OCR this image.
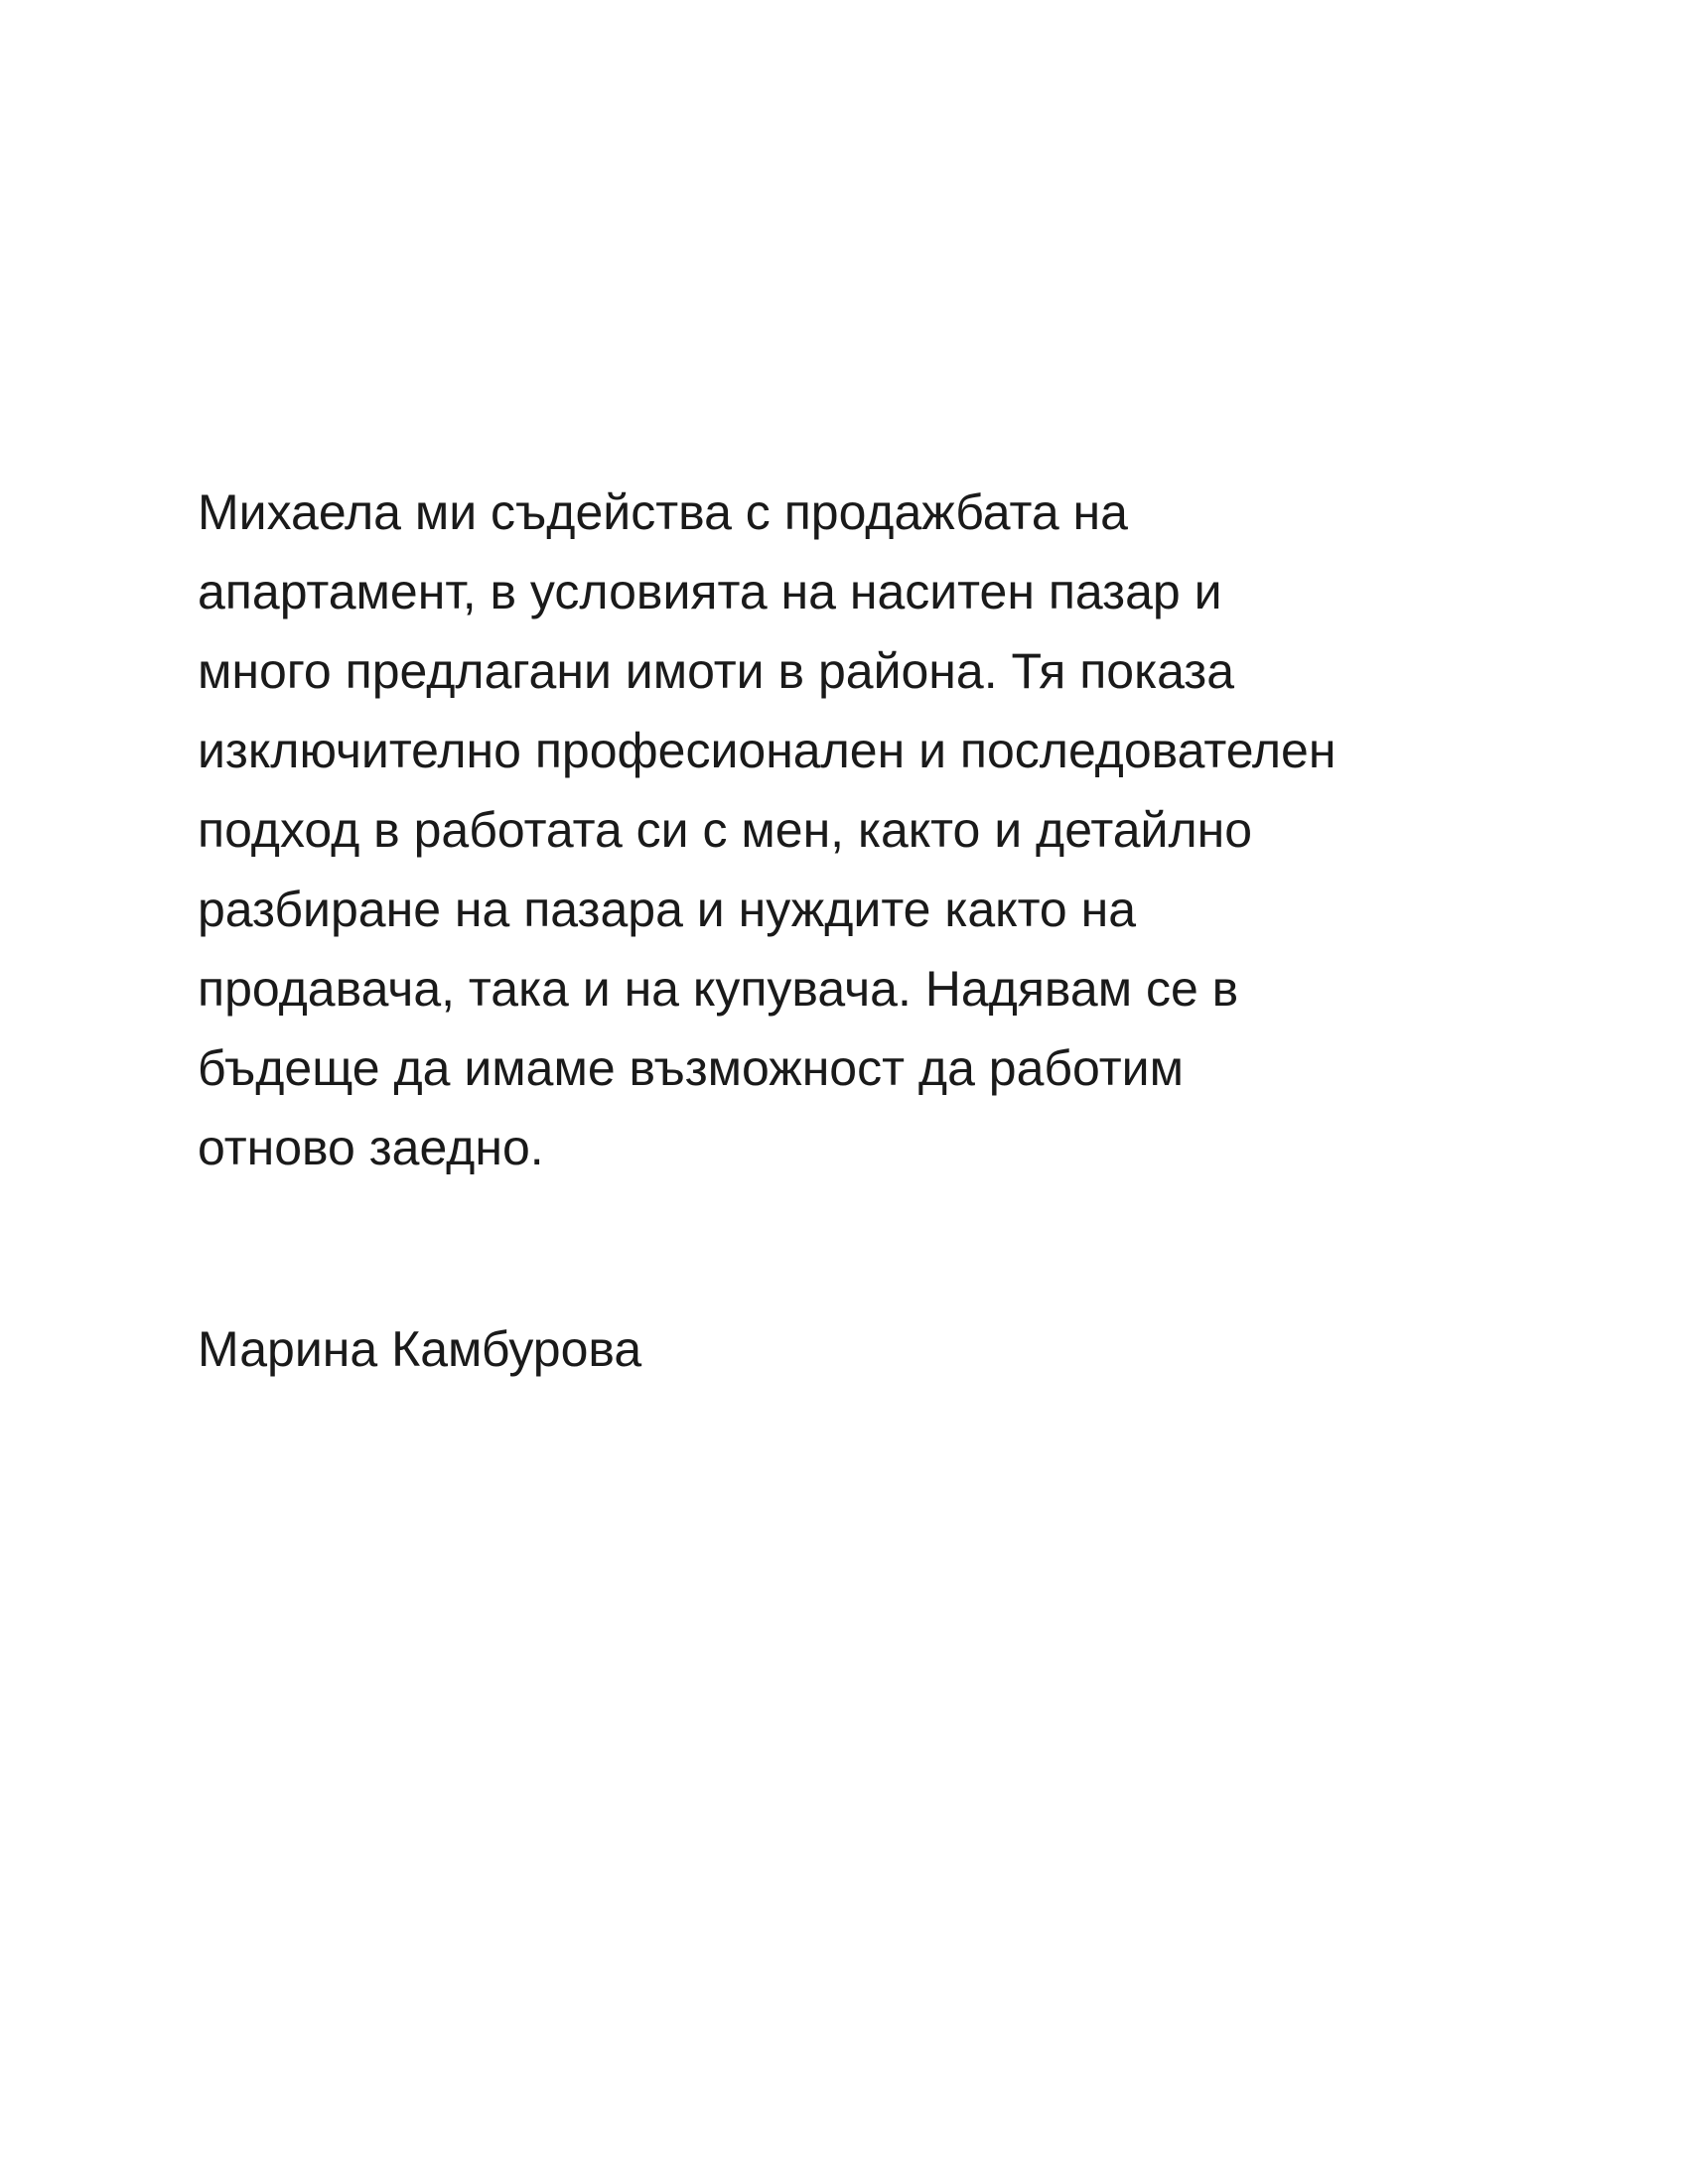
Михаела ми съдейства с продажбата на
апартамент, в условията на наситен пазар и
много предлагани имоти в района. Тя показа
изключително професионален и последователен
подход в работата си с мен, както и детайлно
разбиране на пазара и нуждите както на
продавача, така и на купувача. Надявам се в
бъдеще да имаме възможност да работим
отново заедно.
Марина Камбурова
